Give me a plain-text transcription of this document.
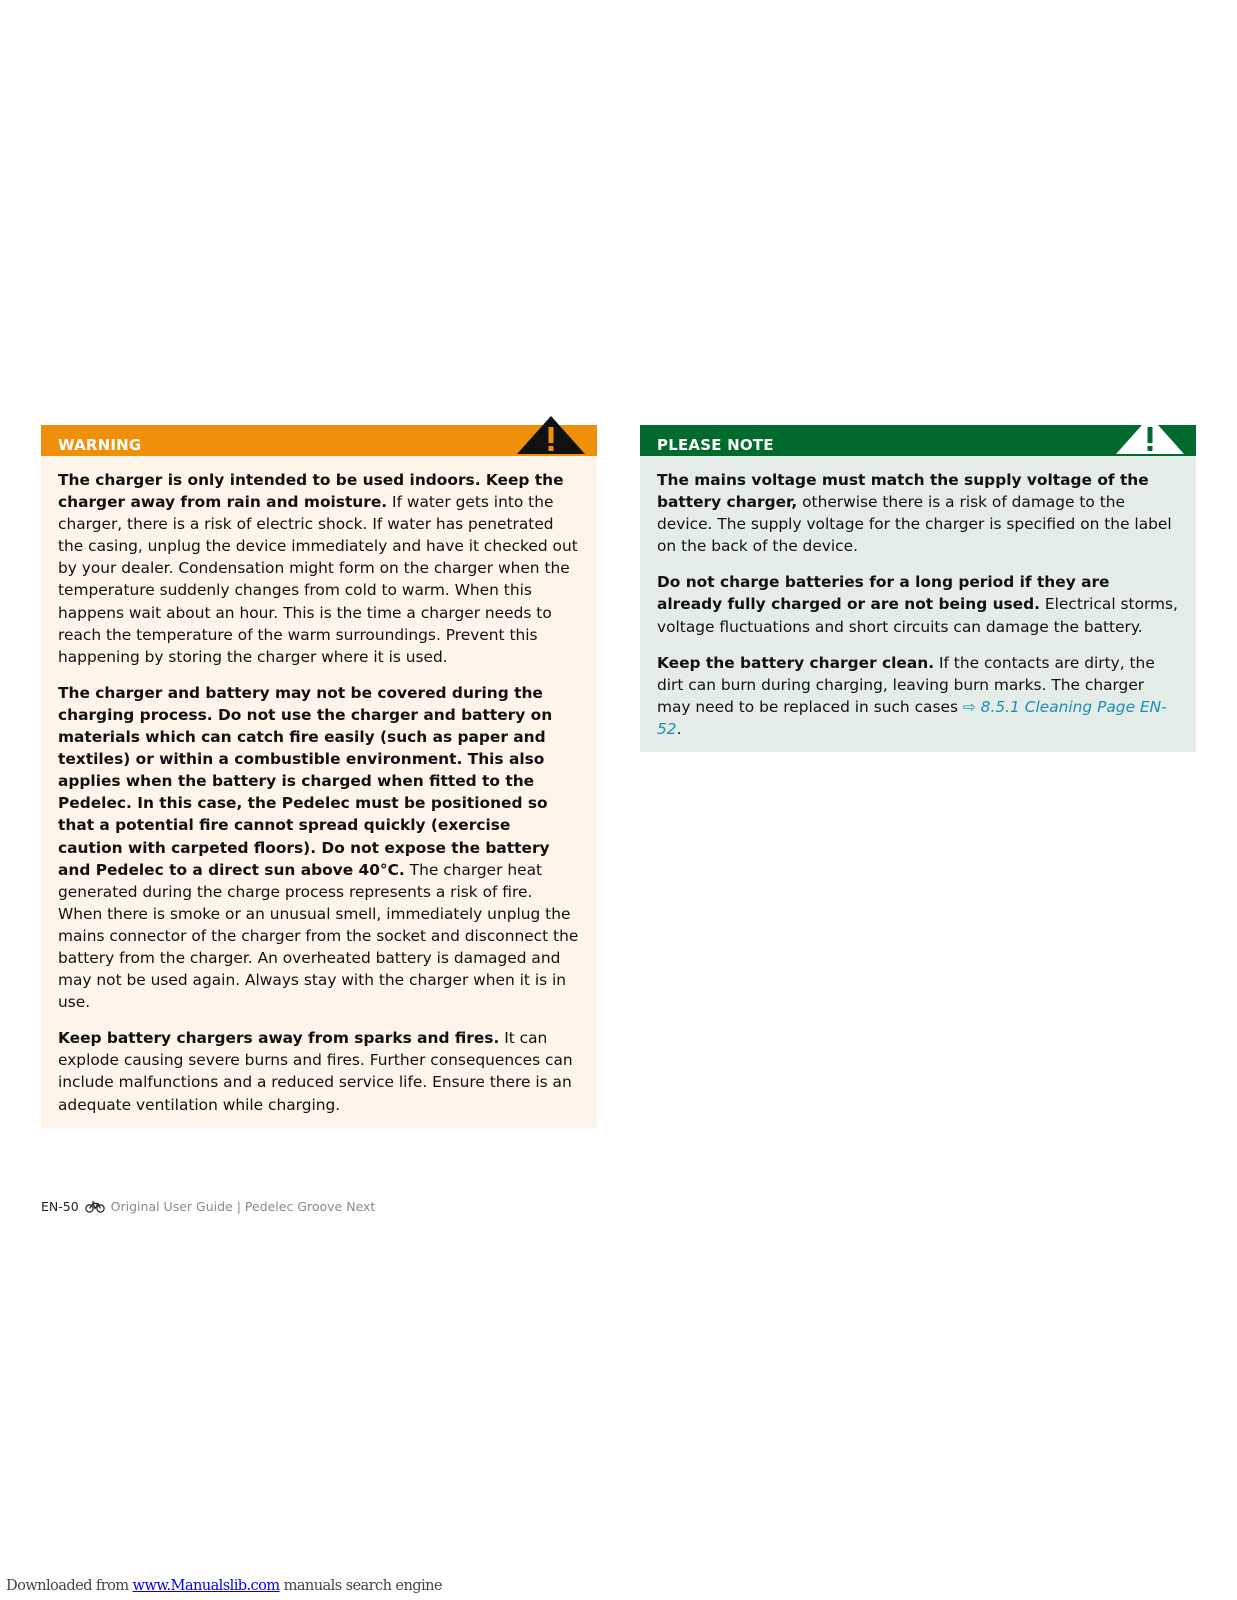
WARNING

The charger is only intended to be used indoors. Keep the charger away from rain and moisture. If water gets into the charger, there is a risk of electric shock. If water has penetrated the casing, unplug the device immediately and have it checked out by your dealer. Condensation might form on the charger when the temperature suddenly changes from cold to warm. When this happens wait about an hour. This is the time a charger needs to reach the temperature of the warm surroundings. Prevent this happening by storing the charger where it is used.

The charger and battery may not be covered during the charging process. Do not use the charger and battery on materials which can catch fire easily (such as paper and textiles) or within a combustible environment. This also applies when the battery is charged when fitted to the Pedelec. In this case, the Pedelec must be positioned so that a potential fire cannot spread quickly (exercise caution with carpeted floors). Do not expose the battery and Pedelec to a direct sun above 40°C. The charger heat generated during the charge process represents a risk of fire. When there is smoke or an unusual smell, immediately unplug the mains connector of the charger from the socket and disconnect the battery from the charger. An overheated battery is damaged and may not be used again. Always stay with the charger when it is in use.

Keep battery chargers away from sparks and fires. It can explode causing severe burns and fires. Further consequences can include malfunctions and a reduced service life. Ensure there is an adequate ventilation while charging.

PLEASE NOTE

The mains voltage must match the supply voltage of the battery charger, otherwise there is a risk of damage to the device. The supply voltage for the charger is specified on the label on the back of the device.

Do not charge batteries for a long period if they are already fully charged or are not being used. Electrical storms, voltage fluctuations and short circuits can damage the battery.

Keep the battery charger clean. If the contacts are dirty, the dirt can burn during charging, leaving burn marks. The charger may need to be replaced in such cases ⇨ 8.5.1 Cleaning Page EN-52.

EN-50	Original User Guide | Pedelec Groove Next
Downloaded from www.Manualslib.com manuals search engine
